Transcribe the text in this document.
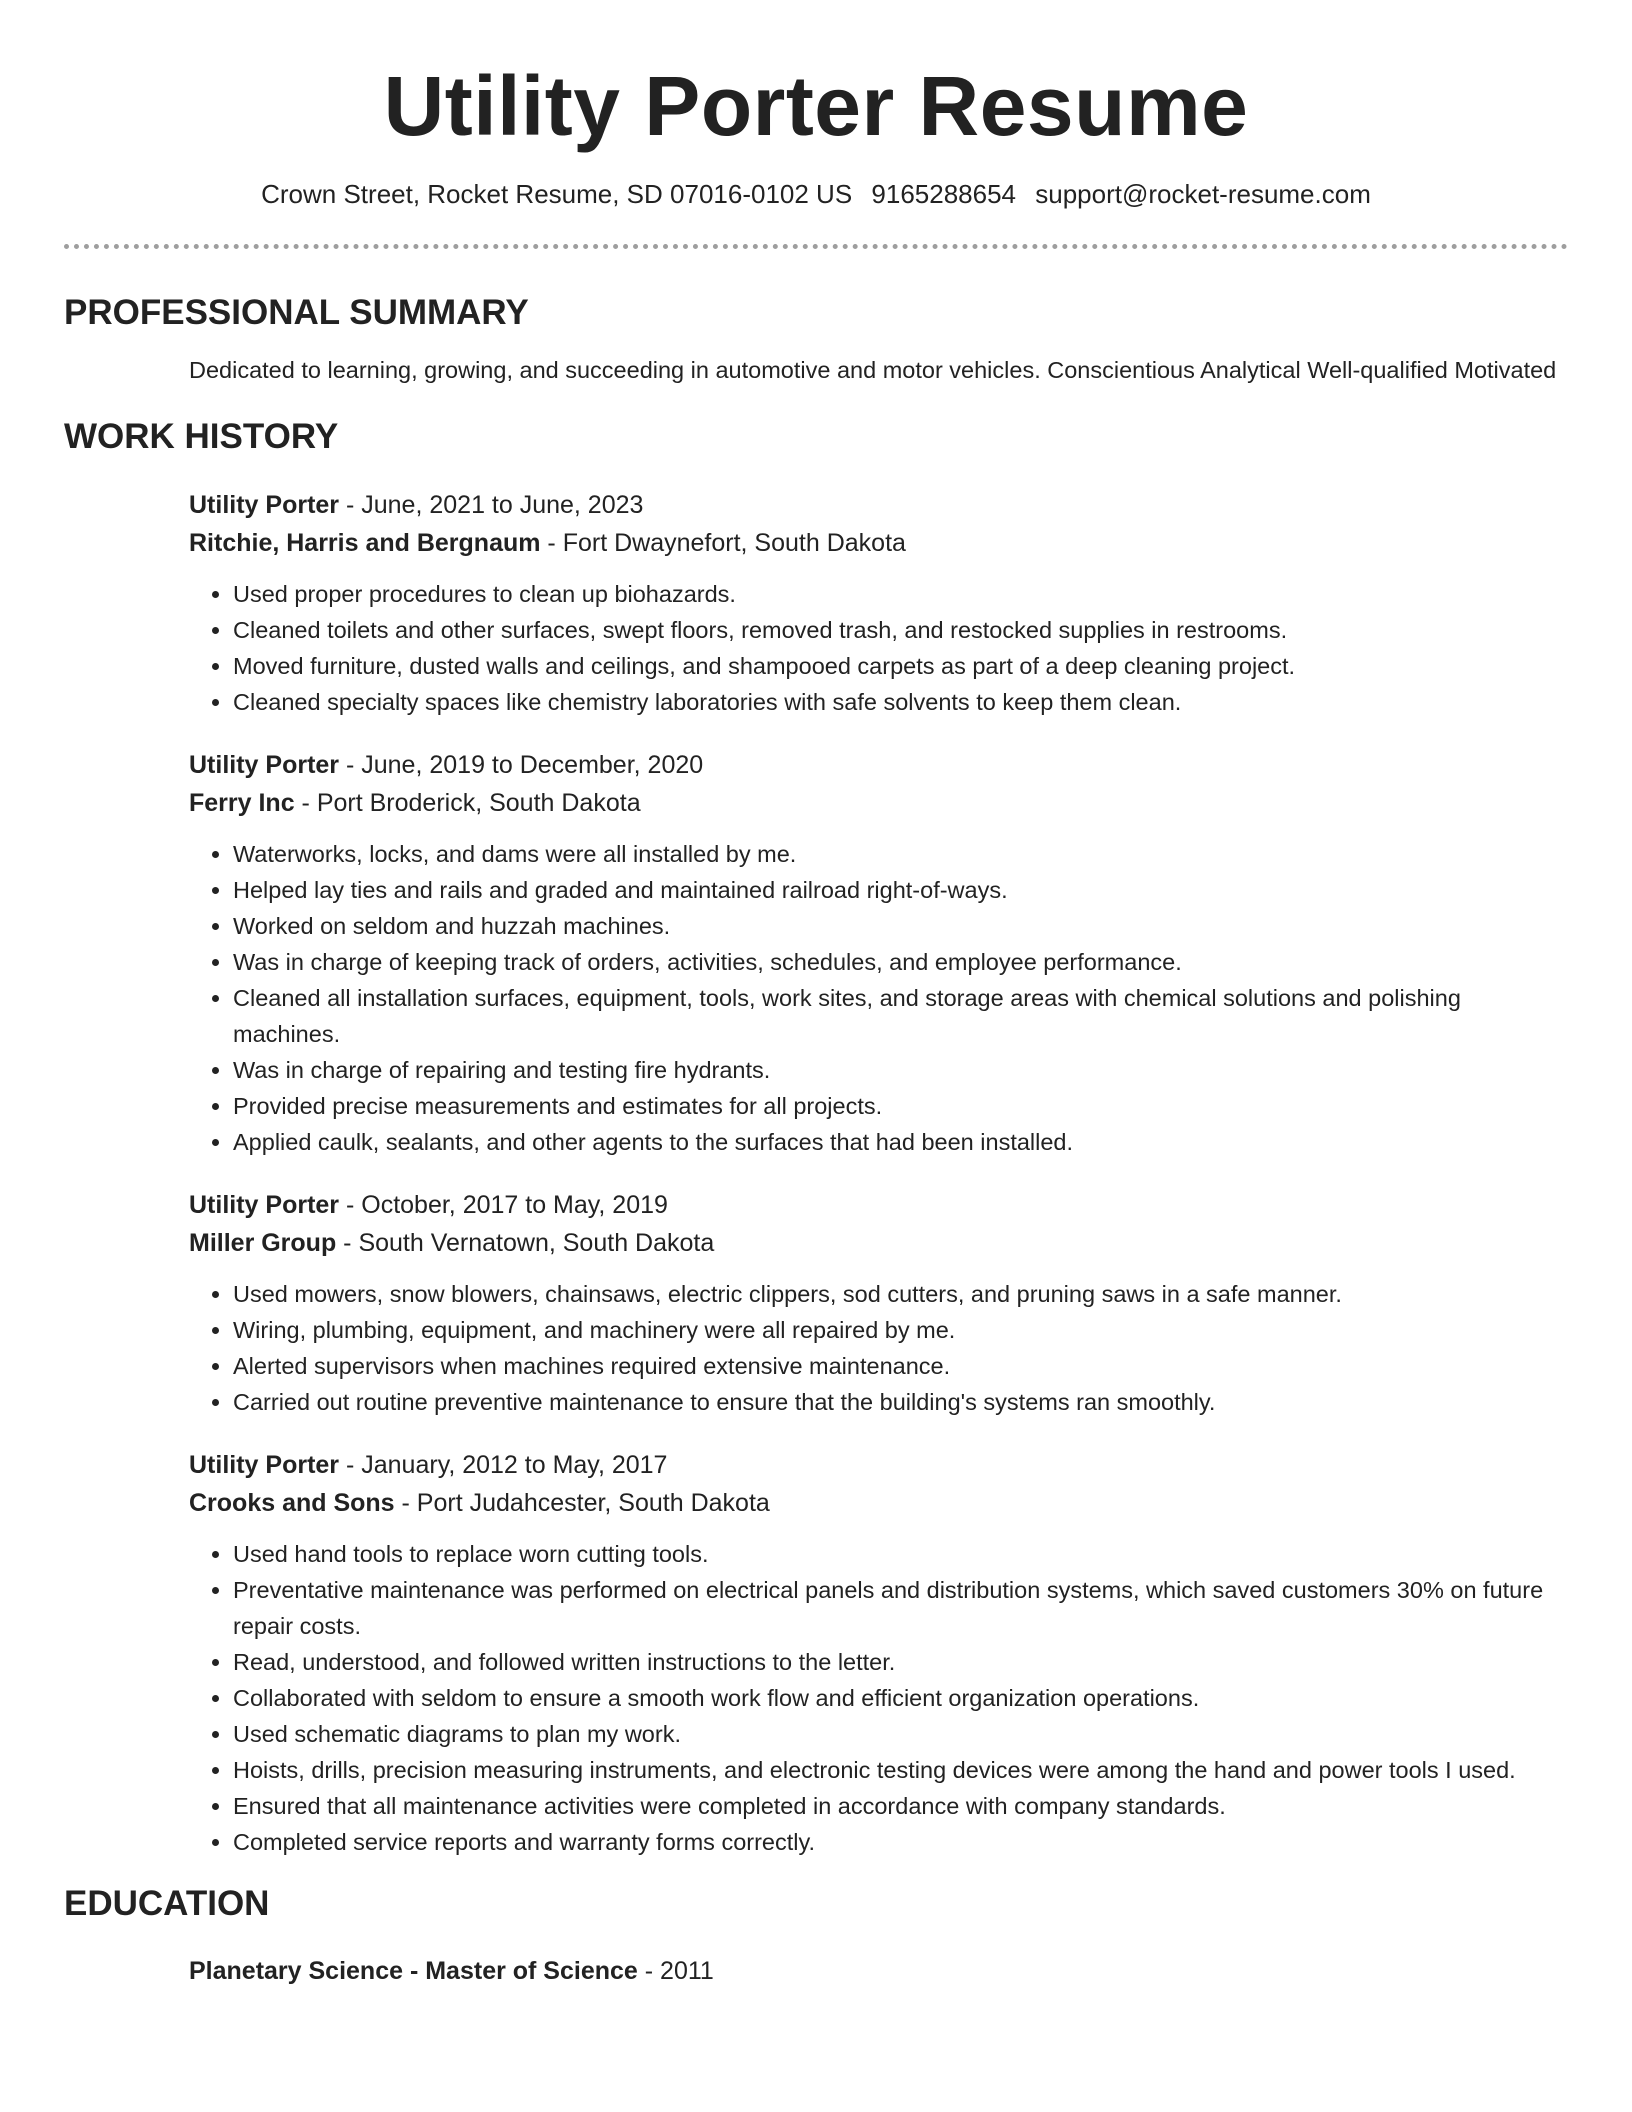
Utility Porter Resume
Crown Street, Rocket Resume, SD 07016-0102 US 9165288654 support@rocket-resume.com
PROFESSIONAL SUMMARY
Dedicated to learning, growing, and succeeding in automotive and motor vehicles. Conscientious Analytical Well-qualified Motivated
WORK HISTORY
Utility Porter - June, 2021 to June, 2023
Ritchie, Harris and Bergnaum - Fort Dwaynefort, South Dakota
• Used proper procedures to clean up biohazards.
• Cleaned toilets and other surfaces, swept floors, removed trash, and restocked supplies in restrooms.
• Moved furniture, dusted walls and ceilings, and shampooed carpets as part of a deep cleaning project.
• Cleaned specialty spaces like chemistry laboratories with safe solvents to keep them clean.
Utility Porter - June, 2019 to December, 2020
Ferry Inc - Port Broderick, South Dakota
• Waterworks, locks, and dams were all installed by me.
• Helped lay ties and rails and graded and maintained railroad right-of-ways.
• Worked on seldom and huzzah machines.
• Was in charge of keeping track of orders, activities, schedules, and employee performance.
• Cleaned all installation surfaces, equipment, tools, work sites, and storage areas with chemical solutions and polishing machines.
• Was in charge of repairing and testing fire hydrants.
• Provided precise measurements and estimates for all projects.
• Applied caulk, sealants, and other agents to the surfaces that had been installed.
Utility Porter - October, 2017 to May, 2019
Miller Group - South Vernatown, South Dakota
• Used mowers, snow blowers, chainsaws, electric clippers, sod cutters, and pruning saws in a safe manner.
• Wiring, plumbing, equipment, and machinery were all repaired by me.
• Alerted supervisors when machines required extensive maintenance.
• Carried out routine preventive maintenance to ensure that the building's systems ran smoothly.
Utility Porter - January, 2012 to May, 2017
Crooks and Sons - Port Judahcester, South Dakota
• Used hand tools to replace worn cutting tools.
• Preventative maintenance was performed on electrical panels and distribution systems, which saved customers 30% on future repair costs.
• Read, understood, and followed written instructions to the letter.
• Collaborated with seldom to ensure a smooth work flow and efficient organization operations.
• Used schematic diagrams to plan my work.
• Hoists, drills, precision measuring instruments, and electronic testing devices were among the hand and power tools I used.
• Ensured that all maintenance activities were completed in accordance with company standards.
• Completed service reports and warranty forms correctly.
EDUCATION
Planetary Science - Master of Science - 2011
